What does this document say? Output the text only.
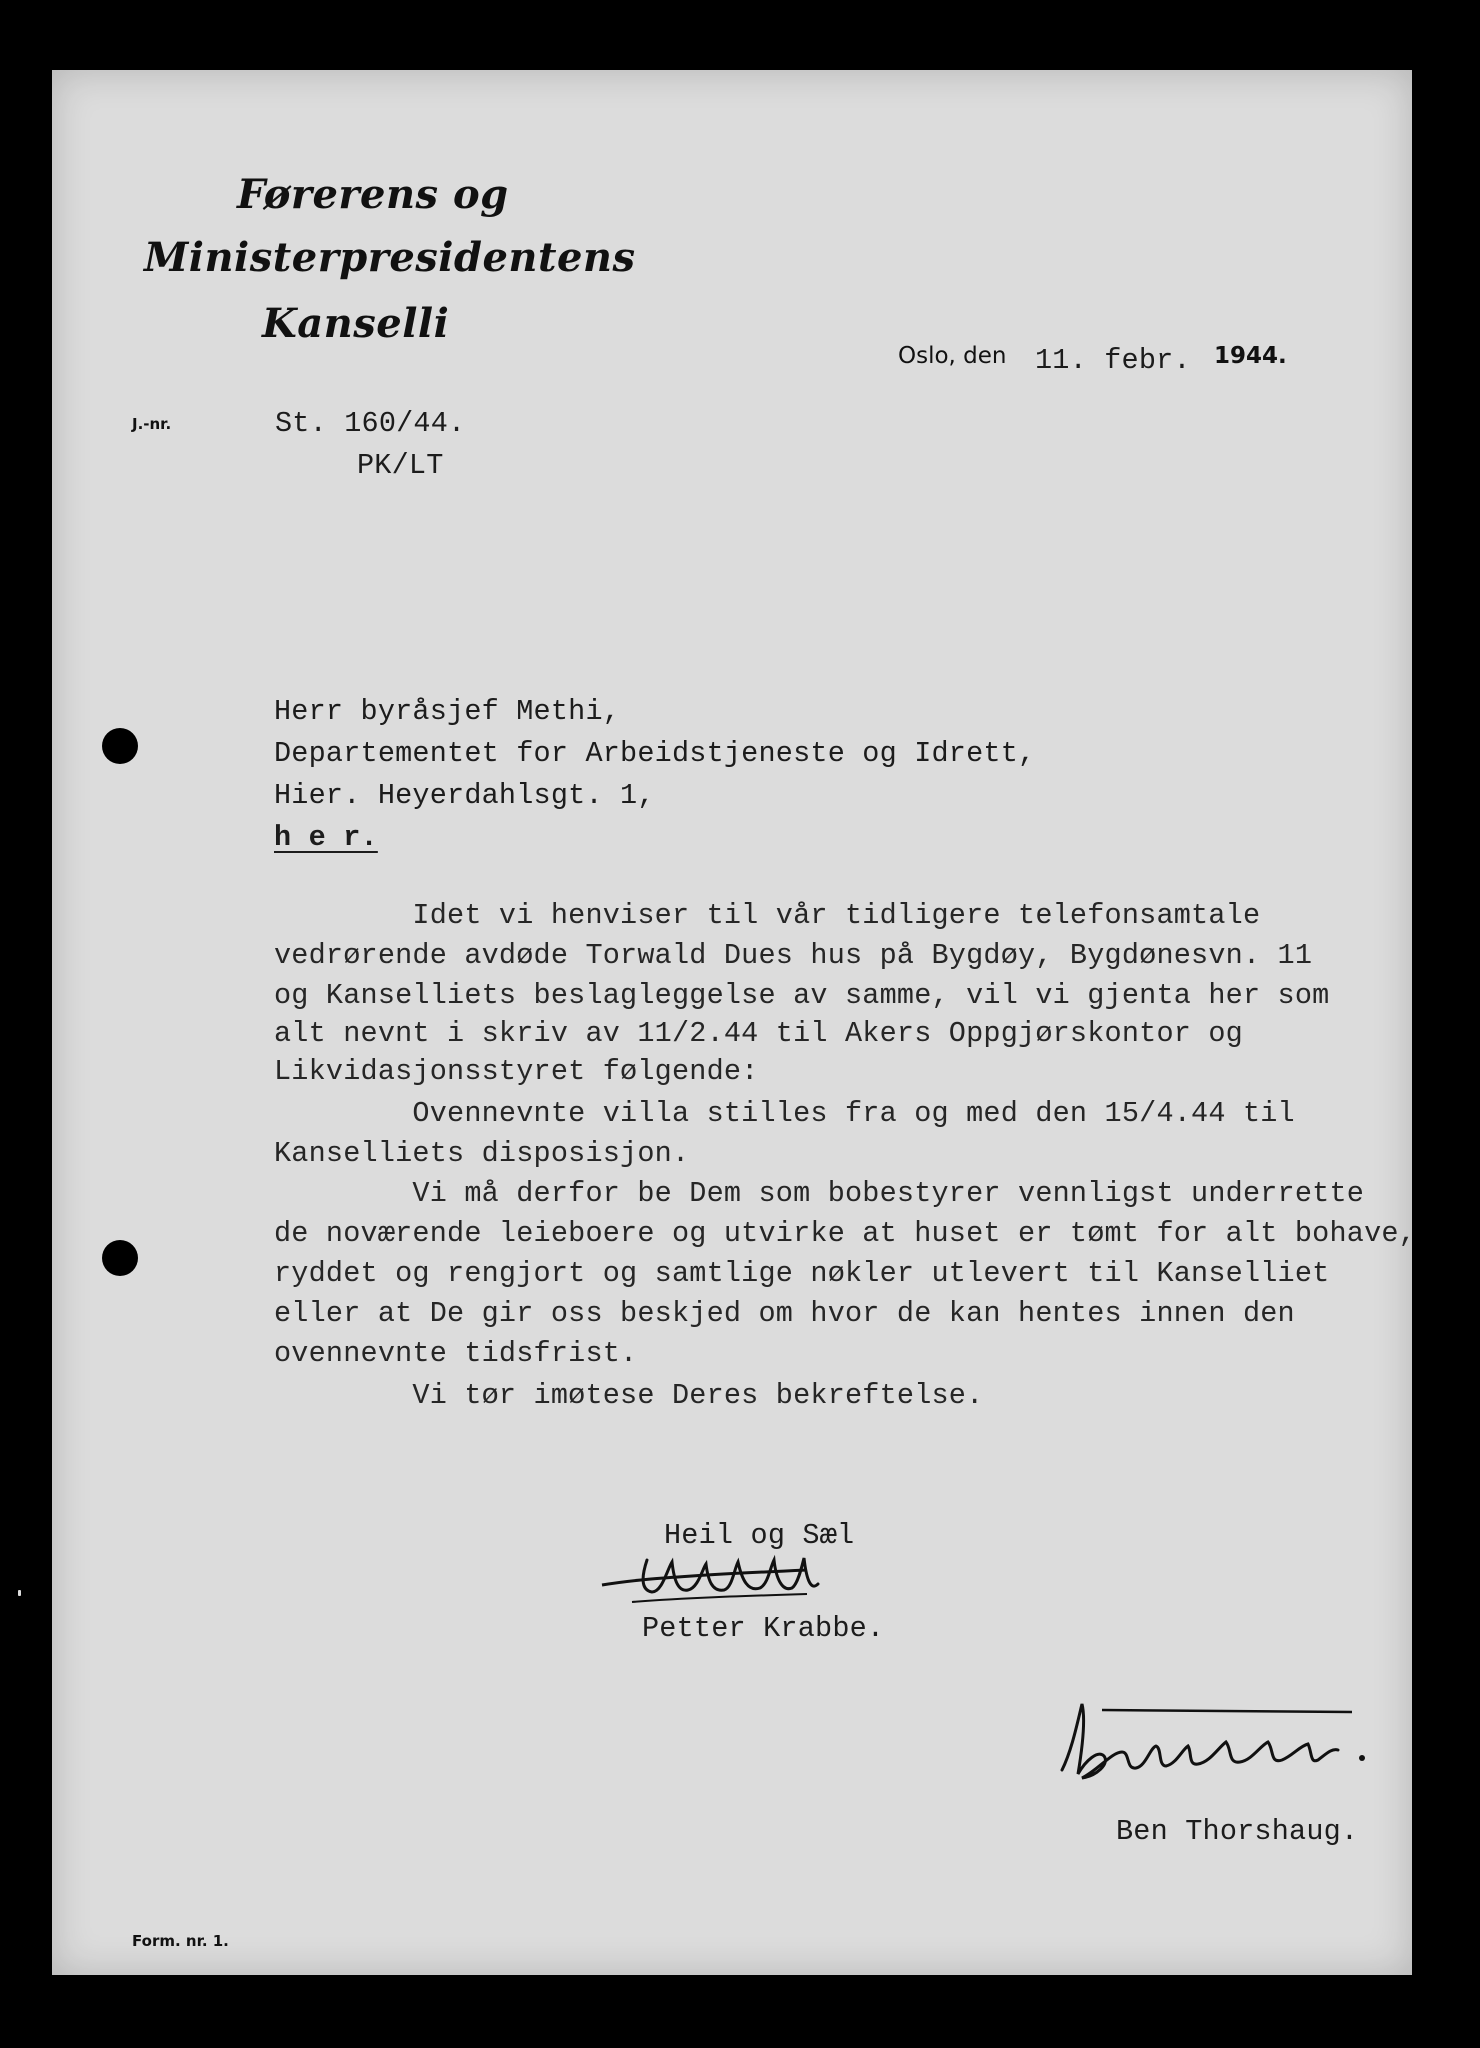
Førerens og
Ministerpresidentens
Kanselli
Oslo, den 11. febr. 1944.
J.-nr.	St. 160/44.
PK/LT
Herr byråsjef Methi,
Departementet for Arbeidstjeneste og Idrett,
Hier. Heyerdahlsgt. 1,
h e r.
Idet vi henviser til vår tidligere telefonsamtale
vedrørende avdøde Torwald Dues hus på Bygdøy, Bygdønesvn. 11
og Kanselliets beslagleggelse av samme, vil vi gjenta her som
alt nevnt i skriv av 11/2.44 til Akers Oppgjørskontor og
Likvidasjonsstyret følgende:
Ovennevnte villa stilles fra og med den 15/4.44 til
Kanselliets disposisjon.
Vi må derfor be Dem som bobestyrer vennligst underrette
de noværende leieboere og utvirke at huset er tømt for alt bohave,
ryddet og rengjort og samtlige nøkler utlevert til Kanselliet
eller at De gir oss beskjed om hvor de kan hentes innen den
ovennevnte tidsfrist.
Vi tør imøtese Deres bekreftelse.
Heil og Sæl
Petter Krabbe.
Ben Thorshaug.
Form. nr. 1.
